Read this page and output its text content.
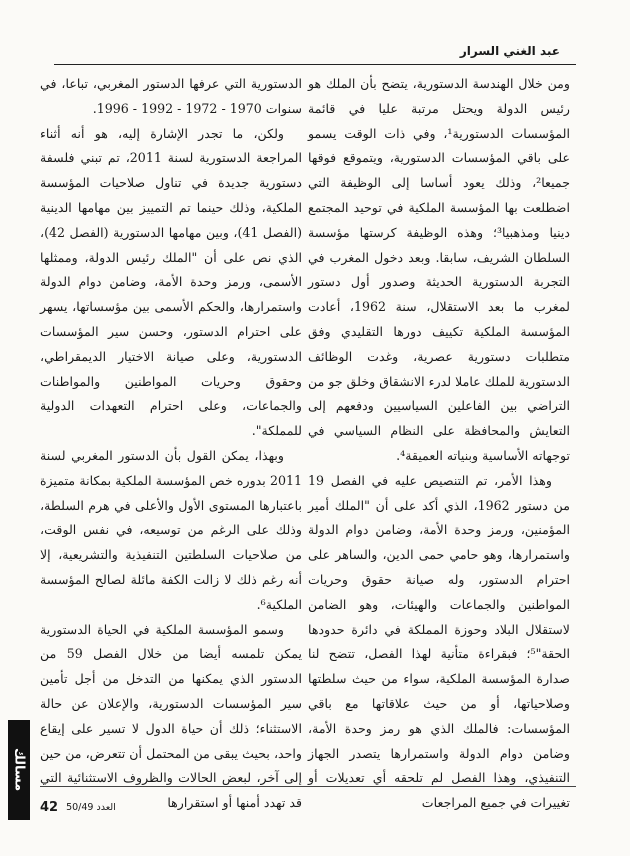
عبد الغني السرار

ومن خلال الهندسة الدستورية، يتضح بأن الملك هو رئيس الدولة ويحتل مرتبة عليا في قائمة المؤسسات الدستورية¹، وفي ذات الوقت يسمو على باقي المؤسسات الدستورية، ويتموقع فوقها جميعا²، وذلك يعود أساسا إلى الوظيفة التي اضطلعت بها المؤسسة الملكية في توحيد المجتمع دينيا ومذهبيا³؛ وهذه الوظيفة كرستها مؤسسة السلطان الشريف، سابقا. وبعد دخول المغرب في التجربة الدستورية الحديثة وصدور أول دستور لمغرب ما بعد الاستقلال، سنة 1962، أعادت المؤسسة الملكية تكييف دورها التقليدي وفق متطلبات دستورية عصرية، وغدت الوظائف الدستورية للملك عاملا لدرء الانشقاق وخلق جو من التراضي بين الفاعلين السياسيين ودفعهم إلى التعايش والمحافظة على النظام السياسي في توجهاته الأساسية وبنياته العميقة⁴.

وهذا الأمر، تم التنصيص عليه في الفصل 19 من دستور 1962، الذي أكد على أن "الملك أمير المؤمنين، ورمز وحدة الأمة، وضامن دوام الدولة واستمرارها، وهو حامي حمى الدين، والساهر على احترام الدستور، وله صيانة حقوق وحريات المواطنين والجماعات والهيئات، وهو الضامن لاستقلال البلاد وحوزة المملكة في دائرة حدودها الحقة"⁵؛ فبقراءة متأنية لهذا الفصل، تتضح لنا صدارة المؤسسة الملكية، سواء من حيث سلطتها وصلاحياتها، أو من حيث علاقاتها مع باقي المؤسسات: فالملك الذي هو رمز وحدة الأمة، وضامن دوام الدولة واستمرارها يتصدر الجهاز التنفيذي، وهذا الفصل لم تلحقه أي تعديلات أو تغييرات في جميع المراجعات

الدستورية التي عرفها الدستور المغربي، تباعا، في سنوات 1970 - 1972 - 1992 - 1996.

ولكن، ما تجدر الإشارة إليه، هو أنه أثناء المراجعة الدستورية لسنة 2011، تم تبني فلسفة دستورية جديدة في تناول صلاحيات المؤسسة الملكية، وذلك حينما تم التمييز بين مهامها الدينية (الفصل 41)، وبين مهامها الدستورية (الفصل 42)، الذي نص على أن "الملك رئيس الدولة، وممثلها الأسمى، ورمز وحدة الأمة، وضامن دوام الدولة واستمرارها، والحكم الأسمى بين مؤسساتها، يسهر على احترام الدستور، وحسن سير المؤسسات الدستورية، وعلى صيانة الاختيار الديمقراطي، وحقوق وحريات المواطنين والمواطنات والجماعات، وعلى احترام التعهدات الدولية للمملكة".

وبهذا، يمكن القول بأن الدستور المغربي لسنة 2011 بدوره خص المؤسسة الملكية بمكانة متميزة باعتبارها المستوى الأول والأعلى في هرم السلطة، وذلك على الرغم من توسيعه، في نفس الوقت، من صلاحيات السلطتين التنفيذية والتشريعية، إلا أنه رغم ذلك لا زالت الكفة مائلة لصالح المؤسسة الملكية⁶.

وسمو المؤسسة الملكية في الحياة الدستورية يمكن تلمسه أيضا من خلال الفصل 59 من الدستور الذي يمكنها من التدخل من أجل تأمين سير المؤسسات الدستورية، والإعلان عن حالة الاستثناء؛ ذلك أن حياة الدول لا تسير على إيقاع واحد، بحيث يبقى من المحتمل أن تتعرض، من حين إلى آخر، لبعض الحالات والظروف الاستثنائية التي قد تهدد أمنها أو استقرارها

42 العدد 50/49
مسالك
